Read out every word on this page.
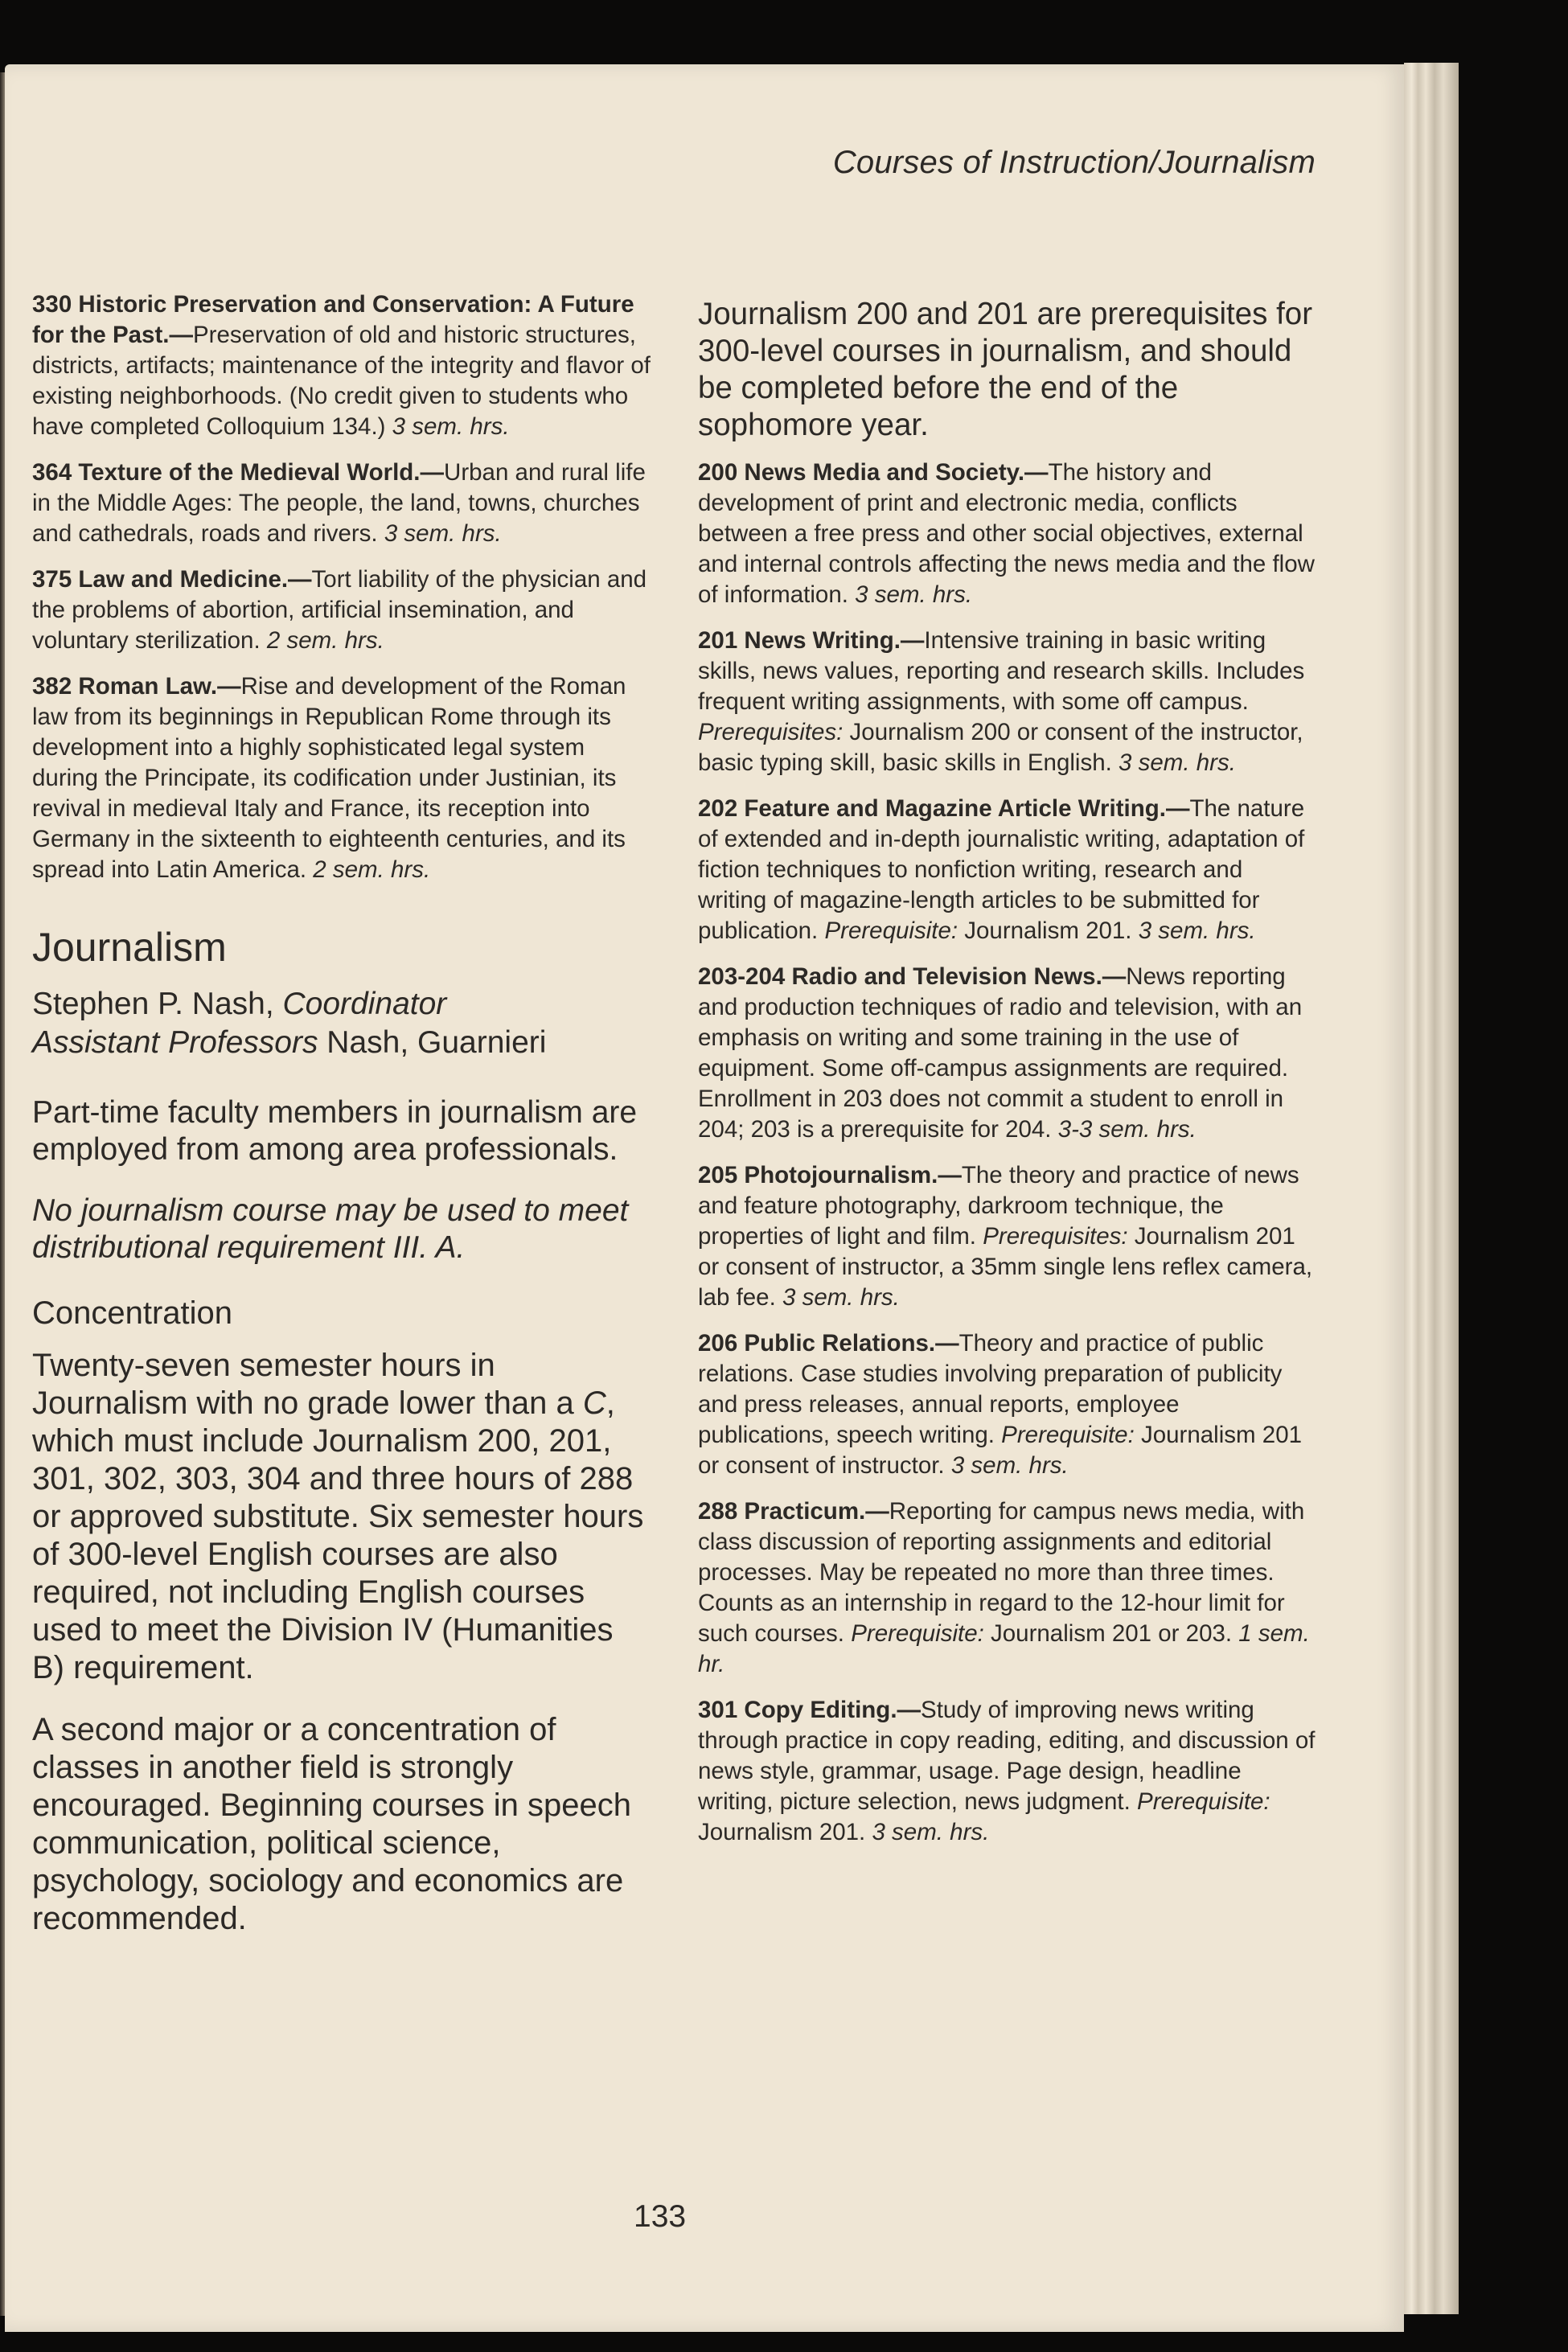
Courses of Instruction/Journalism

330 Historic Preservation and Conservation: A Future for the Past.—Preservation of old and historic structures, districts, artifacts; maintenance of the integrity and flavor of existing neighborhoods. (No credit given to students who have completed Colloquium 134.) 3 sem. hrs.

364 Texture of the Medieval World.—Urban and rural life in the Middle Ages: The people, the land, towns, churches and cathedrals, roads and rivers. 3 sem. hrs.

375 Law and Medicine.—Tort liability of the physician and the problems of abortion, artificial insemination, and voluntary sterilization. 2 sem. hrs.

382 Roman Law.—Rise and development of the Roman law from its beginnings in Republican Rome through its development into a highly sophisticated legal system during the Principate, its codification under Justinian, its revival in medieval Italy and France, its reception into Germany in the sixteenth to eighteenth centuries, and its spread into Latin America. 2 sem. hrs.

Journalism
Stephen P. Nash, Coordinator
Assistant Professors Nash, Guarnieri

Part-time faculty members in journalism are employed from among area professionals.

No journalism course may be used to meet distributional requirement III. A.

Concentration

Twenty-seven semester hours in Journalism with no grade lower than a C, which must include Journalism 200, 201, 301, 302, 303, 304 and three hours of 288 or approved substitute. Six semester hours of 300-level English courses are also required, not including English courses used to meet the Division IV (Humanities B) requirement.

A second major or a concentration of classes in another field is strongly encouraged. Beginning courses in speech communication, political science, psychology, sociology and economics are recommended.

Journalism 200 and 201 are prerequisites for 300-level courses in journalism, and should be completed before the end of the sophomore year.

200 News Media and Society.—The history and development of print and electronic media, conflicts between a free press and other social objectives, external and internal controls affecting the news media and the flow of information. 3 sem. hrs.

201 News Writing.—Intensive training in basic writing skills, news values, reporting and research skills. Includes frequent writing assignments, with some off campus. Prerequisites: Journalism 200 or consent of the instructor, basic typing skill, basic skills in English. 3 sem. hrs.

202 Feature and Magazine Article Writing.—The nature of extended and in-depth journalistic writing, adaptation of fiction techniques to nonfiction writing, research and writing of magazine-length articles to be submitted for publication. Prerequisite: Journalism 201. 3 sem. hrs.

203-204 Radio and Television News.—News reporting and production techniques of radio and television, with an emphasis on writing and some training in the use of equipment. Some off-campus assignments are required. Enrollment in 203 does not commit a student to enroll in 204; 203 is a prerequisite for 204. 3-3 sem. hrs.

205 Photojournalism.—The theory and practice of news and feature photography, darkroom technique, the properties of light and film. Prerequisites: Journalism 201 or consent of instructor, a 35mm single lens reflex camera, lab fee. 3 sem. hrs.

206 Public Relations.—Theory and practice of public relations. Case studies involving preparation of publicity and press releases, annual reports, employee publications, speech writing. Prerequisite: Journalism 201 or consent of instructor. 3 sem. hrs.

288 Practicum.—Reporting for campus news media, with class discussion of reporting assignments and editorial processes. May be repeated no more than three times. Counts as an internship in regard to the 12-hour limit for such courses. Prerequisite: Journalism 201 or 203. 1 sem. hr.

301 Copy Editing.—Study of improving news writing through practice in copy reading, editing, and discussion of news style, grammar, usage. Page design, headline writing, picture selection, news judgment. Prerequisite: Journalism 201. 3 sem. hrs.

133
